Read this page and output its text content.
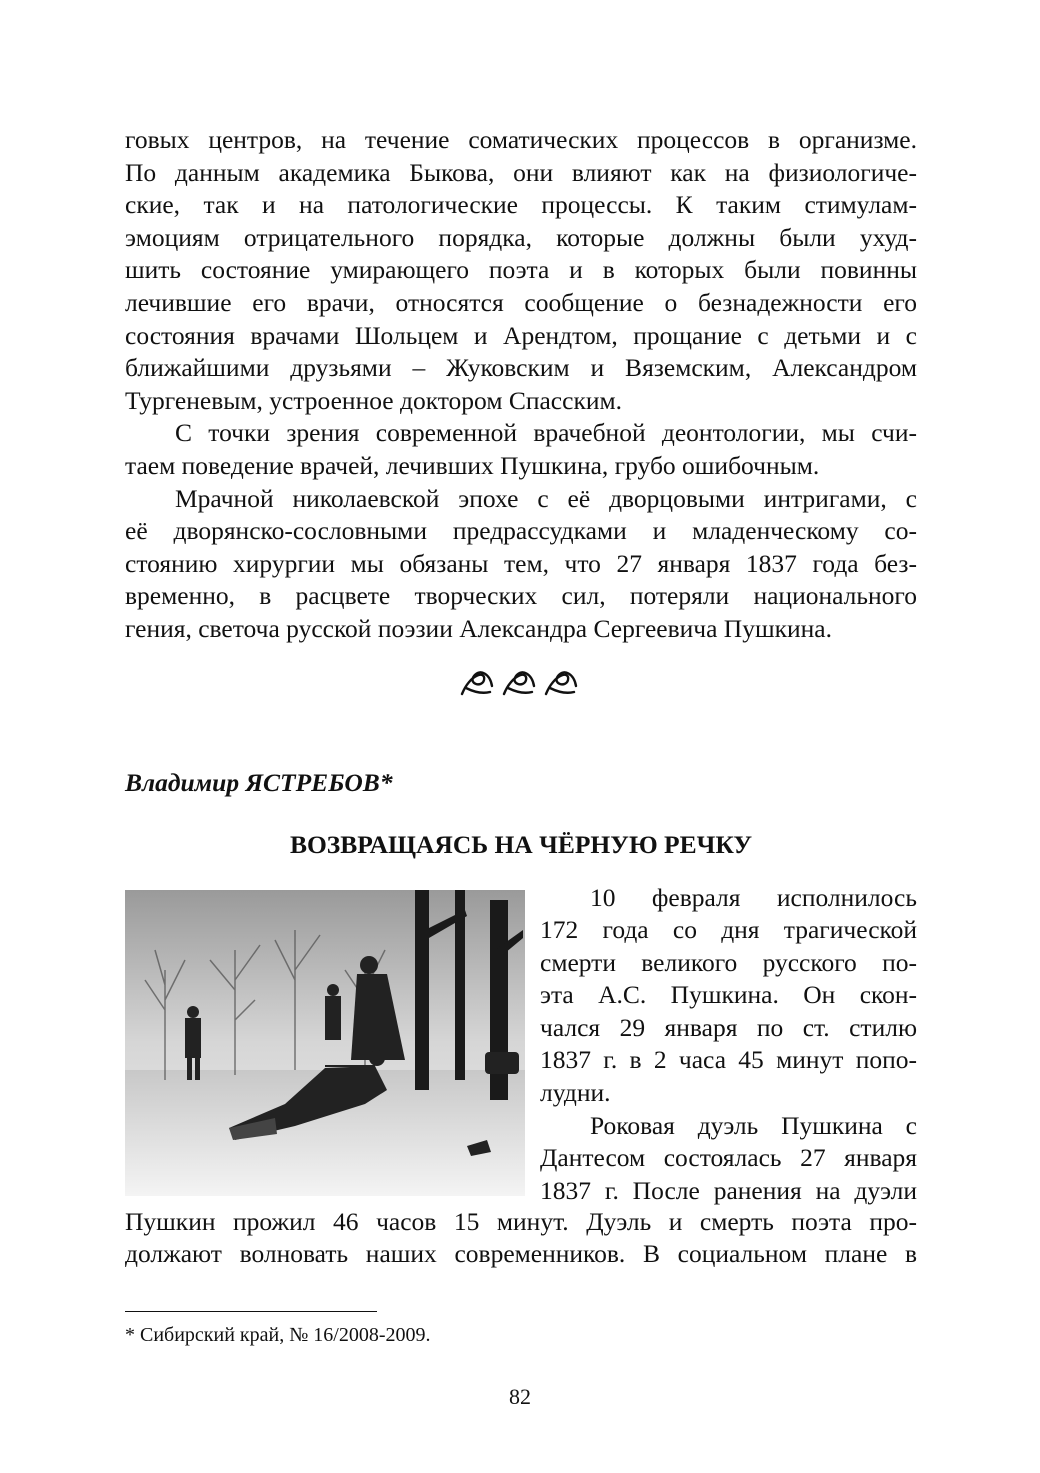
говых центров, на течение соматических процессов в организме.
По данным академика Быкова, они влияют как на физиологиче-
ские, так и на патологические процессы. К таким стимулам-
эмоциям отрицательного порядка, которые должны были ухуд-
шить состояние умирающего поэта и в которых были повинны
лечившие его врачи, относятся сообщение о безнадежности его
состояния врачами Шольцем и Арендтом, прощание с детьми и с
ближайшими друзьями – Жуковским и Вяземским, Александром
Тургеневым, устроенное доктором Спасским.

С точки зрения современной врачебной деонтологии, мы счи-
таем поведение врачей, лечивших Пушкина, грубо ошибочным.

Мрачной николаевской эпохе с её дворцовыми интригами, с
её дворянско-сословными предрассудками и младенческому со-
стоянию хирургии мы обязаны тем, что 27 января 1837 года без-
временно, в расцвете творческих сил, потеряли национального
гения, светоча русской поэзии Александра Сергеевича Пушкина.

Владимир ЯСТРЕБОВ*
ВОЗВРАЩАЯСЬ НА ЧЁРНУЮ РЕЧКУ

10 февраля исполнилось
172 года со дня трагической
смерти великого русского по-
эта А.С. Пушкина. Он скон-
чался 29 января по ст. стилю
1837 г. в 2 часа 45 минут попо-
лудни.

Роковая дуэль Пушкина с
Дантесом состоялась 27 января
1837 г. После ранения на дуэли

Пушкин прожил 46 часов 15 минут. Дуэль и смерть поэта про-
должают волновать наших современников. В социальном плане в

* Сибирский край, № 16/2008-2009.
82
